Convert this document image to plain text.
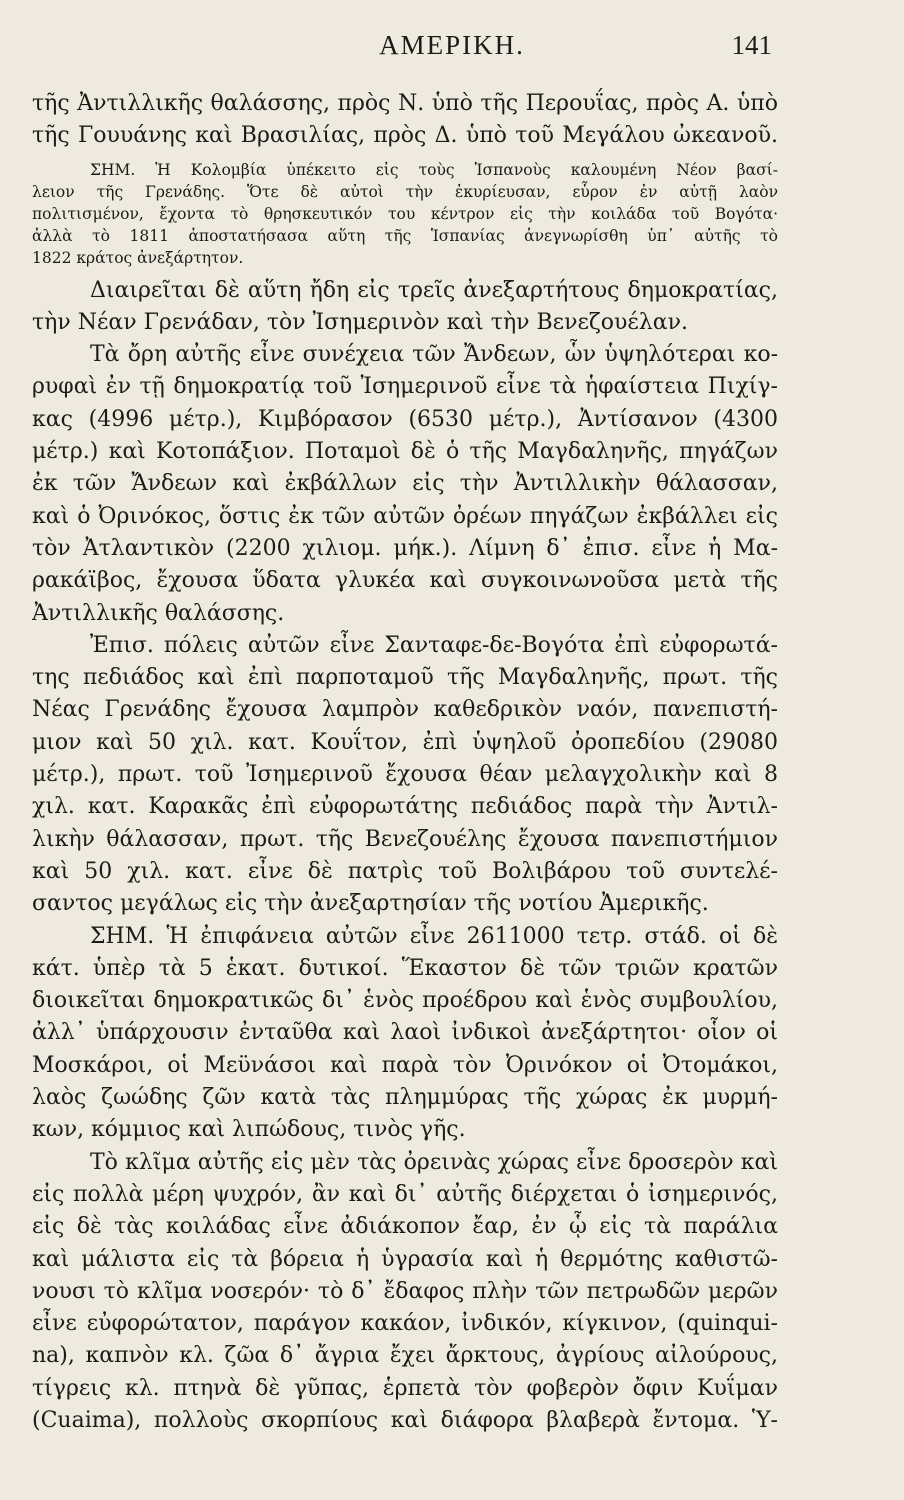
ΑΜΕΡΙΚΗ.	141
τῆς Ἀντιλλικῆς θαλάσσης, πρὸς Ν. ὑπὸ τῆς Περουΐας, πρὸς Α. ὑπὸ
τῆς Γουυάνης καὶ Βρασιλίας, πρὸς Δ. ὑπὸ τοῦ Μεγάλου ὠκεανοῦ.
ΣΗΜ. Ἡ Κολομβία ὑπέκειτο εἰς τοὺς Ἱσπανοὺς καλουμένη Νέον βασί-
λειον τῆς Γρενάδης. Ὅτε δὲ αὐτοὶ τὴν ἐκυρίευσαν, εὗρον ἐν αὐτῇ λαὸν
πολιτισμένον, ἔχοντα τὸ θρησκευτικόν του κέντρον εἰς τὴν κοιλάδα τοῦ Βογότα·
ἀλλὰ τὸ 1811 ἀποστατήσασα αὕτη τῆς Ἱσπανίας ἀνεγνωρίσθη ὑπ᾽ αὐτῆς τὸ
1822 κράτος ἀνεξάρτητον.
Διαιρεῖται δὲ αὕτη ἤδη εἰς τρεῖς ἀνεξαρτήτους δημοκρατίας,
τὴν Νέαν Γρενάδαν, τὸν Ἰσημερινὸν καὶ τὴν Βενεζουέλαν.
Τὰ ὄρη αὐτῆς εἶνε συνέχεια τῶν Ἄνδεων, ὧν ὑψηλότεραι κο-
ρυφαὶ ἐν τῇ δημοκρατίᾳ τοῦ Ἰσημερινοῦ εἶνε τὰ ἡφαίστεια Πιχίγ-
κας (4996 μέτρ.), Κιμβόρασον (6530 μέτρ.), Ἀντίσανον (4300
μέτρ.) καὶ Κοτοπάξιον. Ποταμοὶ δὲ ὁ τῆς Μαγδαληνῆς, πηγάζων
ἐκ τῶν Ἄνδεων καὶ ἐκβάλλων εἰς τὴν Ἀντιλλικὴν θάλασσαν,
καὶ ὁ Ὀρινόκος, ὅστις ἐκ τῶν αὐτῶν ὀρέων πηγάζων ἐκβάλλει εἰς
τὸν Ἀτλαντικὸν (2200 χιλιομ. μήκ.). Λίμνη δ᾽ ἐπισ. εἶνε ἡ Μα-
ρακάϊβος, ἔχουσα ὕδατα γλυκέα καὶ συγκοινωνοῦσα μετὰ τῆς
Ἀντιλλικῆς θαλάσσης.
Ἐπισ. πόλεις αὐτῶν εἶνε Σανταφε-δε-Βογότα ἐπὶ εὐφορωτά-
της πεδιάδος καὶ ἐπὶ παρποταμοῦ τῆς Μαγδαληνῆς, πρωτ. τῆς
Νέας Γρενάδης ἔχουσα λαμπρὸν καθεδρικὸν ναόν, πανεπιστή-
μιον καὶ 50 χιλ. κατ. Κουΐτον, ἐπὶ ὑψηλοῦ ὀροπεδίου (29080
μέτρ.), πρωτ. τοῦ Ἰσημερινοῦ ἔχουσα θέαν μελαγχολικὴν καὶ 8
χιλ. κατ. Καρακᾶς ἐπὶ εὐφορωτάτης πεδιάδος παρὰ τὴν Ἀντιλ-
λικὴν θάλασσαν, πρωτ. τῆς Βενεζουέλης ἔχουσα πανεπιστήμιον
καὶ 50 χιλ. κατ. εἶνε δὲ πατρὶς τοῦ Βολιβάρου τοῦ συντελέ-
σαντος μεγάλως εἰς τὴν ἀνεξαρτησίαν τῆς νοτίου Ἀμερικῆς.
ΣΗΜ. Ἡ ἐπιφάνεια αὐτῶν εἶνε 2611000 τετρ. στάδ. οἱ δὲ
κάτ. ὑπὲρ τὰ 5 ἑκατ. δυτικοί. Ἕκαστον δὲ τῶν τριῶν κρατῶν
διοικεῖται δημοκρατικῶς δι᾽ ἑνὸς προέδρου καὶ ἑνὸς συμβουλίου,
ἀλλ᾽ ὑπάρχουσιν ἐνταῦθα καὶ λαοὶ ἰνδικοὶ ἀνεξάρτητοι· οἷον οἱ
Μοσκάροι, οἱ Μεϋνάσοι καὶ παρὰ τὸν Ὀρινόκον οἱ Ὀτομάκοι,
λαὸς ζωώδης ζῶν κατὰ τὰς πλημμύρας τῆς χώρας ἐκ μυρμή-
κων, κόμμιος καὶ λιπώδους, τινὸς γῆς.
Τὸ κλῖμα αὐτῆς εἰς μὲν τὰς ὀρεινὰς χώρας εἶνε δροσερὸν καὶ
εἰς πολλὰ μέρη ψυχρόν, ἂν καὶ δι᾽ αὐτῆς διέρχεται ὁ ἰσημερινός,
εἰς δὲ τὰς κοιλάδας εἶνε ἀδιάκοπον ἔαρ, ἐν ᾧ εἰς τὰ παράλια
καὶ μάλιστα εἰς τὰ βόρεια ἡ ὑγρασία καὶ ἡ θερμότης καθιστῶ-
νουσι τὸ κλῖμα νοσερόν· τὸ δ᾽ ἔδαφος πλὴν τῶν πετρωδῶν μερῶν
εἶνε εὐφορώτατον, παράγον κακάον, ἰνδικόν, κίγκινον, (quinqui-
na), καπνὸν κλ. ζῶα δ᾽ ἄγρια ἔχει ἄρκτους, ἀγρίους αἰλούρους,
τίγρεις κλ. πτηνὰ δὲ γῦπας, ἑρπετὰ τὸν φοβερὸν ὄφιν Κυΐμαν
(Cuaima), πολλοὺς σκορπίους καὶ διάφορα βλαβερὰ ἔντομα. Ὑ-
